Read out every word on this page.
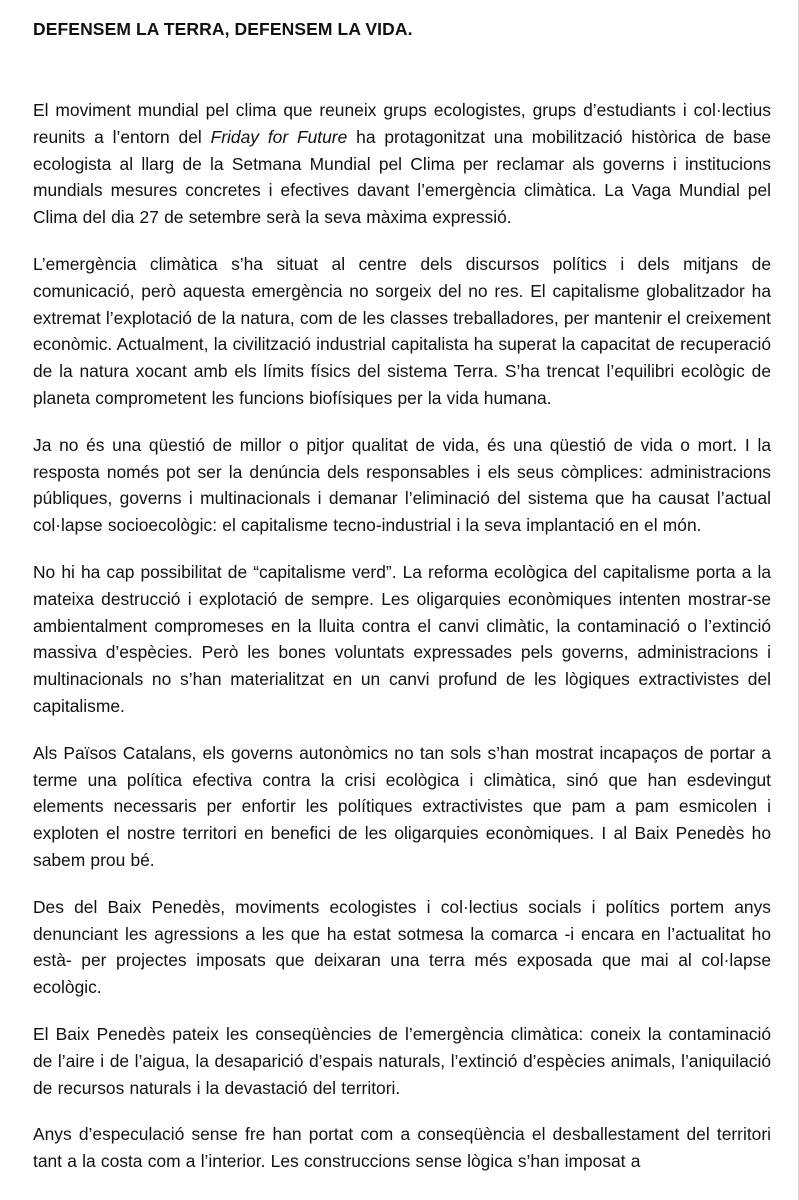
DEFENSEM LA TERRA, DEFENSEM LA VIDA.

El moviment mundial pel clima que reuneix grups ecologistes, grups d’estudiants i col·lectius reunits a l’entorn del Friday for Future ha protagonitzat una mobilització històrica de base ecologista al llarg de la Setmana Mundial pel Clima per reclamar als governs i institucions mundials mesures concretes i efectives davant l’emergència climàtica. La Vaga Mundial pel Clima del dia 27 de setembre serà la seva màxima expressió.

L’emergència climàtica s’ha situat al centre dels discursos polítics i dels mitjans de comunicació, però aquesta emergència no sorgeix del no res. El capitalisme globalitzador ha extremat l’explotació de la natura, com de les classes treballadores, per mantenir el creixement econòmic. Actualment, la civilització industrial capitalista ha superat la capacitat de recuperació de la natura xocant amb els límits físics del sistema Terra. S’ha trencat l’equilibri ecològic de planeta comprometent les funcions biofísiques per la vida humana.

Ja no és una qüestió de millor o pitjor qualitat de vida, és una qüestió de vida o mort. I la resposta només pot ser la denúncia dels responsables i els seus còmplices: administracions públiques, governs i multinacionals i demanar l’eliminació del sistema que ha causat l’actual col·lapse socioecològic: el capitalisme tecno-industrial i la seva implantació en el món.

No hi ha cap possibilitat de “capitalisme verd”. La reforma ecològica del capitalisme porta a la mateixa destrucció i explotació de sempre. Les oligarquies econòmiques intenten mostrar-se ambientalment compromeses en la lluita contra el canvi climàtic, la contaminació o l’extinció massiva d’espècies. Però les bones voluntats expressades pels governs, administracions i multinacionals no s’han materialitzat en un canvi profund de les lògiques extractivistes del capitalisme.

Als Països Catalans, els governs autonòmics no tan sols s’han mostrat incapaços de portar a terme una política efectiva contra la crisi ecològica i climàtica, sinó que han esdevingut elements necessaris per enfortir les polítiques extractivistes que pam a pam esmicolen i exploten el nostre territori en benefici de les oligarquies econòmiques. I al Baix Penedès ho sabem prou bé.

Des del Baix Penedès, moviments ecologistes i col·lectius socials i polítics portem anys denunciant les agressions a les que ha estat sotmesa la comarca -i encara en l’actualitat ho està- per projectes imposats que deixaran una terra més exposada que mai al col·lapse ecològic.

El Baix Penedès pateix les conseqüències de l’emergència climàtica: coneix la contaminació de l’aire i de l’aigua, la desaparició d’espais naturals, l’extinció d’espècies animals, l’aniquilació de recursos naturals i la devastació del territori.

Anys d’especulació sense fre han portat com a conseqüència el desballestament del territori tant a la costa com a l’interior. Les construccions sense lògica s’han imposat a
